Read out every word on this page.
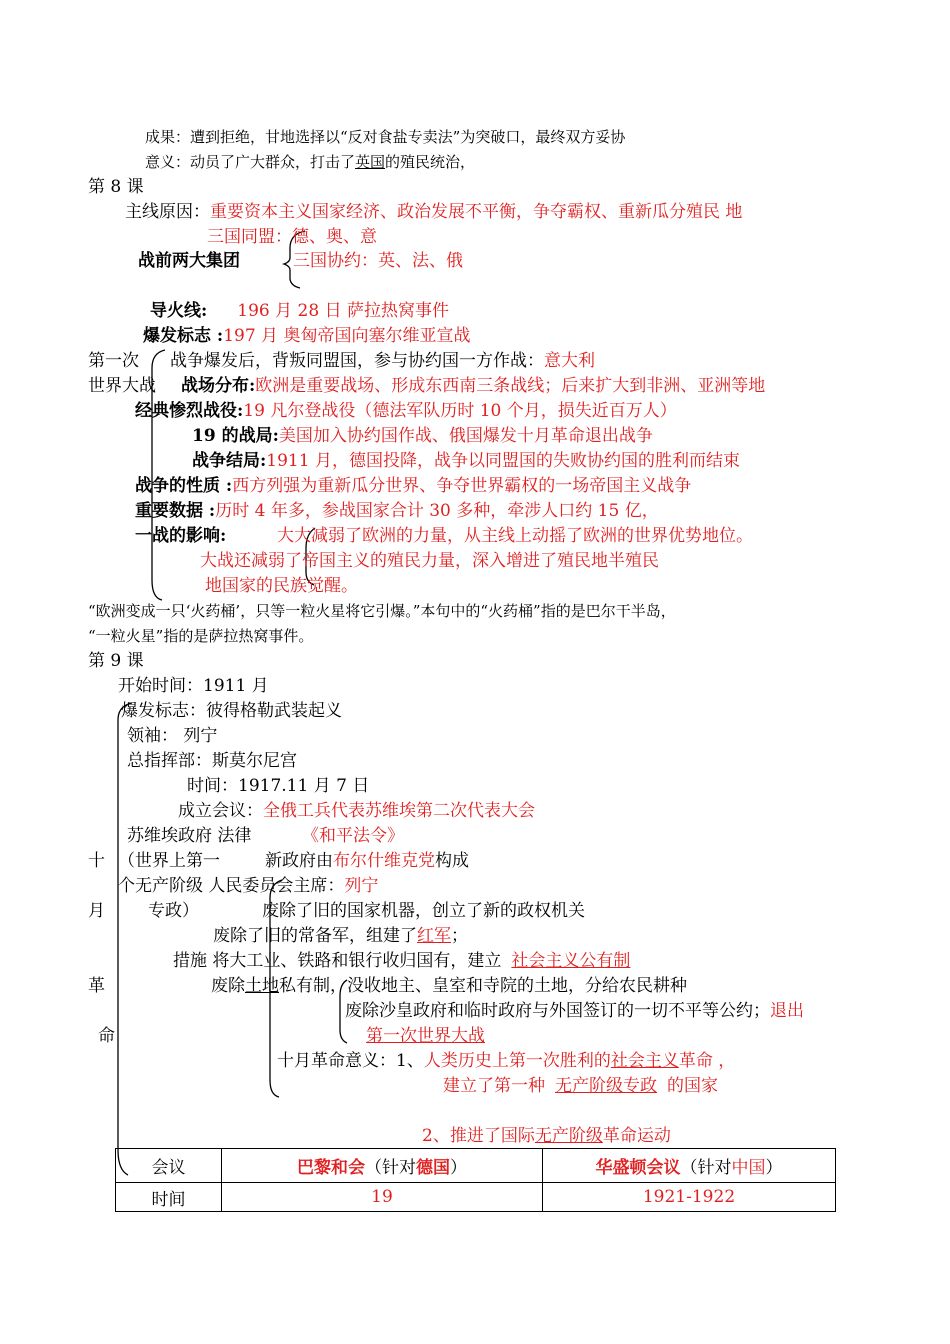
成果：遭到拒绝，甘地选择以“反对食盐专卖法”为突破口，最终双方妥协
意义：动员了广大群众，打击了英国的殖民统治，
第 8 课
主线原因：重要资本主义国家经济、政治发展不平衡，争夺霸权、重新瓜分殖民 地
三国同盟：德、奥、意
战前两大集团	三国协约：英、法、俄
导火线: 196 月 28 日 萨拉热窝事件
爆发标志 :197 月 奥匈帝国向塞尔维亚宣战
第一次 战争爆发后，背叛同盟国，参与协约国一方作战：意大利
世界大战 战场分布:欧洲是重要战场、形成东西南三条战线；后来扩大到非洲、亚洲等地
经典惨烈战役:19 凡尔登战役（德法军队历时 10 个月，损失近百万人）
19 的战局:美国加入协约国作战、俄国爆发十月革命退出战争
战争结局:1911 月，德国投降，战争以同盟国的失败协约国的胜利而结束
战争的性质 :西方列强为重新瓜分世界、争夺世界霸权的一场帝国主义战争
重要数据 :历时 4 年多，参战国家合计 30 多种，牵涉人口约 15 亿，
一战的影响:	大大减弱了欧洲的力量，从主线上动摇了欧洲的世界优势地位。
大战还减弱了帝国主义的殖民力量，深入增进了殖民地半殖民
地国家的民族觉醒。
“欧洲变成一只‘火药桶’，只等一粒火星将它引爆。”本句中的“火药桶”指的是巴尔干半岛，
“一粒火星”指的是萨拉热窝事件。
第 9 课
开始时间：1911 月
爆发标志：彼得格勒武装起义
领袖： 列宁
总指挥部：斯莫尔尼宫
时间：1917.11 月 7 日
成立会议：全俄工兵代表苏维埃第二次代表大会
苏维埃政府 法律	《和平法令》
十 （世界上第一	新政府由布尔什维克党构成
个无产阶级 人民委员会主席：列宁
月	专政）	废除了旧的国家机器，创立了新的政权机关
废除了旧的常备军，组建了红军；
措施 将大工业、铁路和银行收归国有，建立 社会主义公有制
革	废除土地私有制，没收地主、皇室和寺院的土地，分给农民耕种
废除沙皇政府和临时政府与外国签订的一切不平等公约；退出
命	第一次世界大战
十月革命意义：1、人类历史上第一次胜利的社会主义革命 ，
建立了第一种 无产阶级专政 的国家
2、推进了国际无产阶级革命运动
会议	巴黎和会（针对德国）	华盛顿会议（针对中国）
时间	19	1921-1922
